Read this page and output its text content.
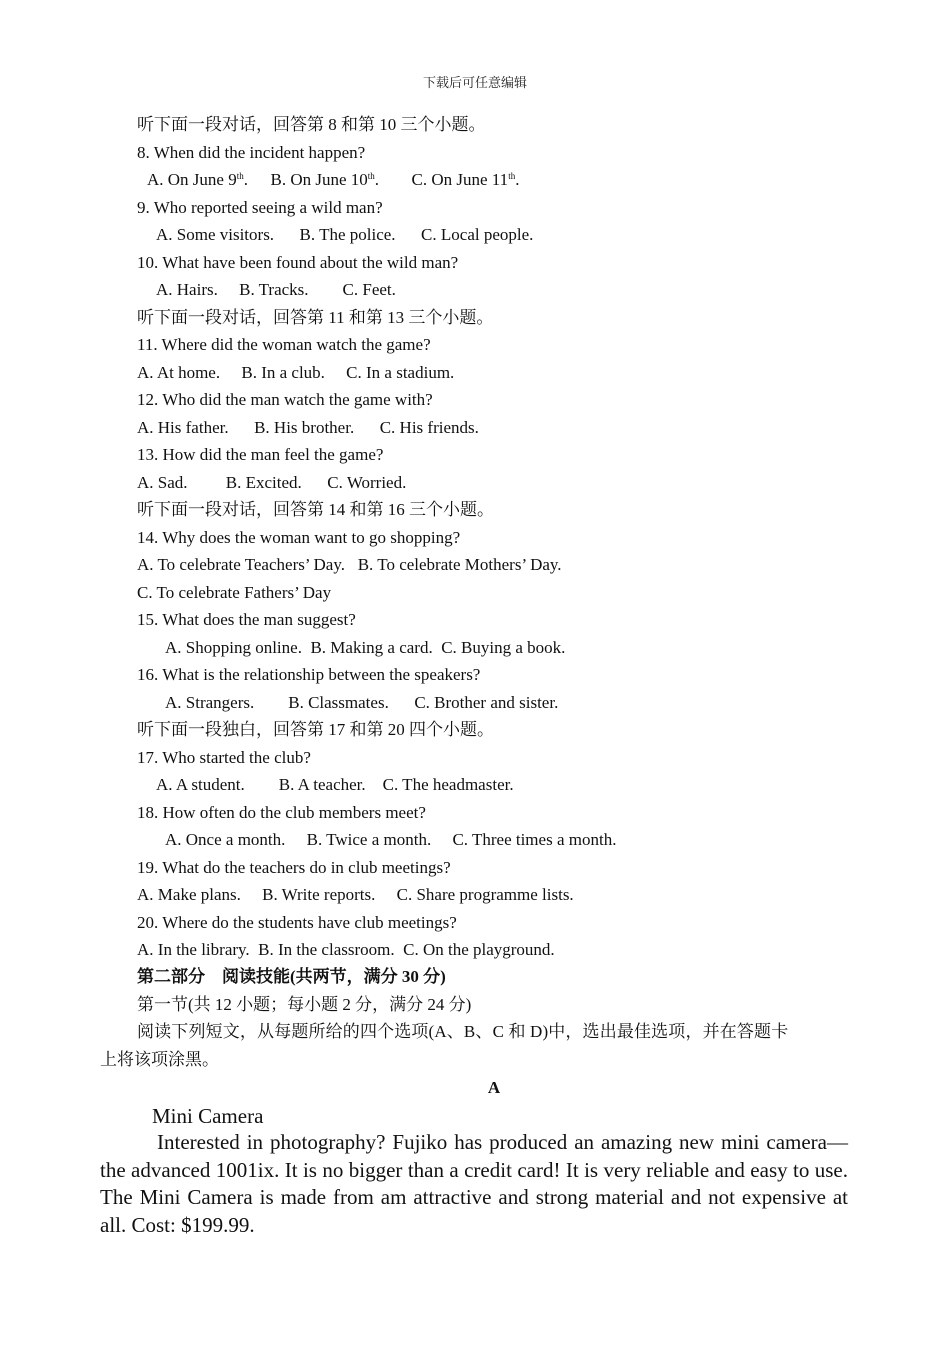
下载后可任意编辑
听下面一段对话，回答第 8 和第 10 三个小题。
8. When did the incident happen?
A. On June 9th. B. On June 10th. C. On June 11th.
9. Who reported seeing a wild man?
A. Some visitors.      B. The police.      C. Local people.
10. What have been found about the wild man?
A. Hairs.     B. Tracks.        C. Feet.
听下面一段对话，回答第 11 和第 13 三个小题。
11. Where did the woman watch the game?
A. At home.     B. In a club.     C. In a stadium.
12. Who did the man watch the game with?
A. His father.      B. His brother.      C. His friends.
13. How did the man feel the game?
A. Sad.         B. Excited.      C. Worried.
听下面一段对话，回答第 14 和第 16 三个小题。
14. Why does the woman want to go shopping?
A. To celebrate Teachers’ Day.   B. To celebrate Mothers’ Day.
C. To celebrate Fathers’ Day
15. What does the man suggest?
A. Shopping online.  B. Making a card.  C. Buying a book.
16. What is the relationship between the speakers?
A. Strangers.        B. Classmates.      C. Brother and sister.
听下面一段独白，回答第 17 和第 20 四个小题。
17. Who started the club?
A. A student.        B. A teacher.    C. The headmaster.
18. How often do the club members meet?
A. Once a month.     B. Twice a month.     C. Three times a month.
19. What do the teachers do in club meetings?
A. Make plans.     B. Write reports.     C. Share programme lists.
20. Where do the students have club meetings?
A. In the library.  B. In the classroom.  C. On the playground.
第二部分    阅读技能(共两节，满分 30 分)
第一节(共 12 小题；每小题 2 分，满分 24 分)
阅读下列短文，从每题所给的四个选项(A、B、C 和 D)中，选出最佳选项，并在答题卡
上将该项涂黑。
A
Mini Camera
Interested in photography? Fujiko has produced an amazing new mini camera—the advanced 1001ix. It is no bigger than a credit card! It is very reliable and easy to use. The Mini Camera is made from am attractive and strong material and not expensive at all. Cost: $199.99.
